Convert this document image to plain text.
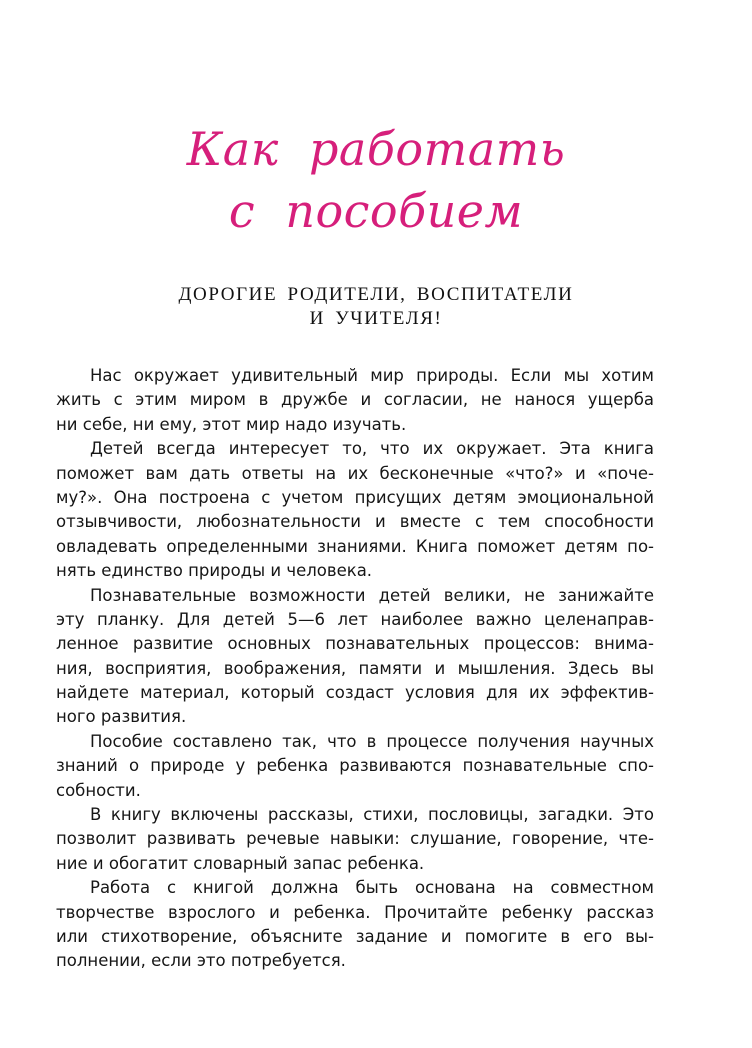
Как  работать
с  пособием
ДОРОГИЕ РОДИТЕЛИ, ВОСПИТАТЕЛИ
И УЧИТЕЛЯ!
Нас окружает удивительный мир природы. Если мы хотим
жить с этим миром в дружбе и согласии, не нанося ущерба
ни себе, ни ему, этот мир надо изучать.
Детей всегда интересует то, что их окружает. Эта книга
поможет вам дать ответы на их бесконечные «что?» и «поче-
му?». Она построена с учетом присущих детям эмоциональной
отзывчивости, любознательности и вместе с тем способности
овладевать определенными знаниями. Книга поможет детям по-
нять единство природы и человека.
Познавательные возможности детей велики, не занижайте
эту планку. Для детей 5—6 лет наиболее важно целенаправ-
ленное развитие основных познавательных процессов: внима-
ния, восприятия, воображения, памяти и мышления. Здесь вы
найдете материал, который создаст условия для их эффектив-
ного развития.
Пособие составлено так, что в процессе получения научных
знаний о природе у ребенка развиваются познавательные спо-
собности.
В книгу включены рассказы, стихи, пословицы, загадки. Это
позволит развивать речевые навыки: слушание, говорение, чте-
ние и обогатит словарный запас ребенка.
Работа с книгой должна быть основана на совместном
творчестве взрослого и ребенка. Прочитайте ребенку рассказ
или стихотворение, объясните задание и помогите в его вы-
полнении, если это потребуется.
